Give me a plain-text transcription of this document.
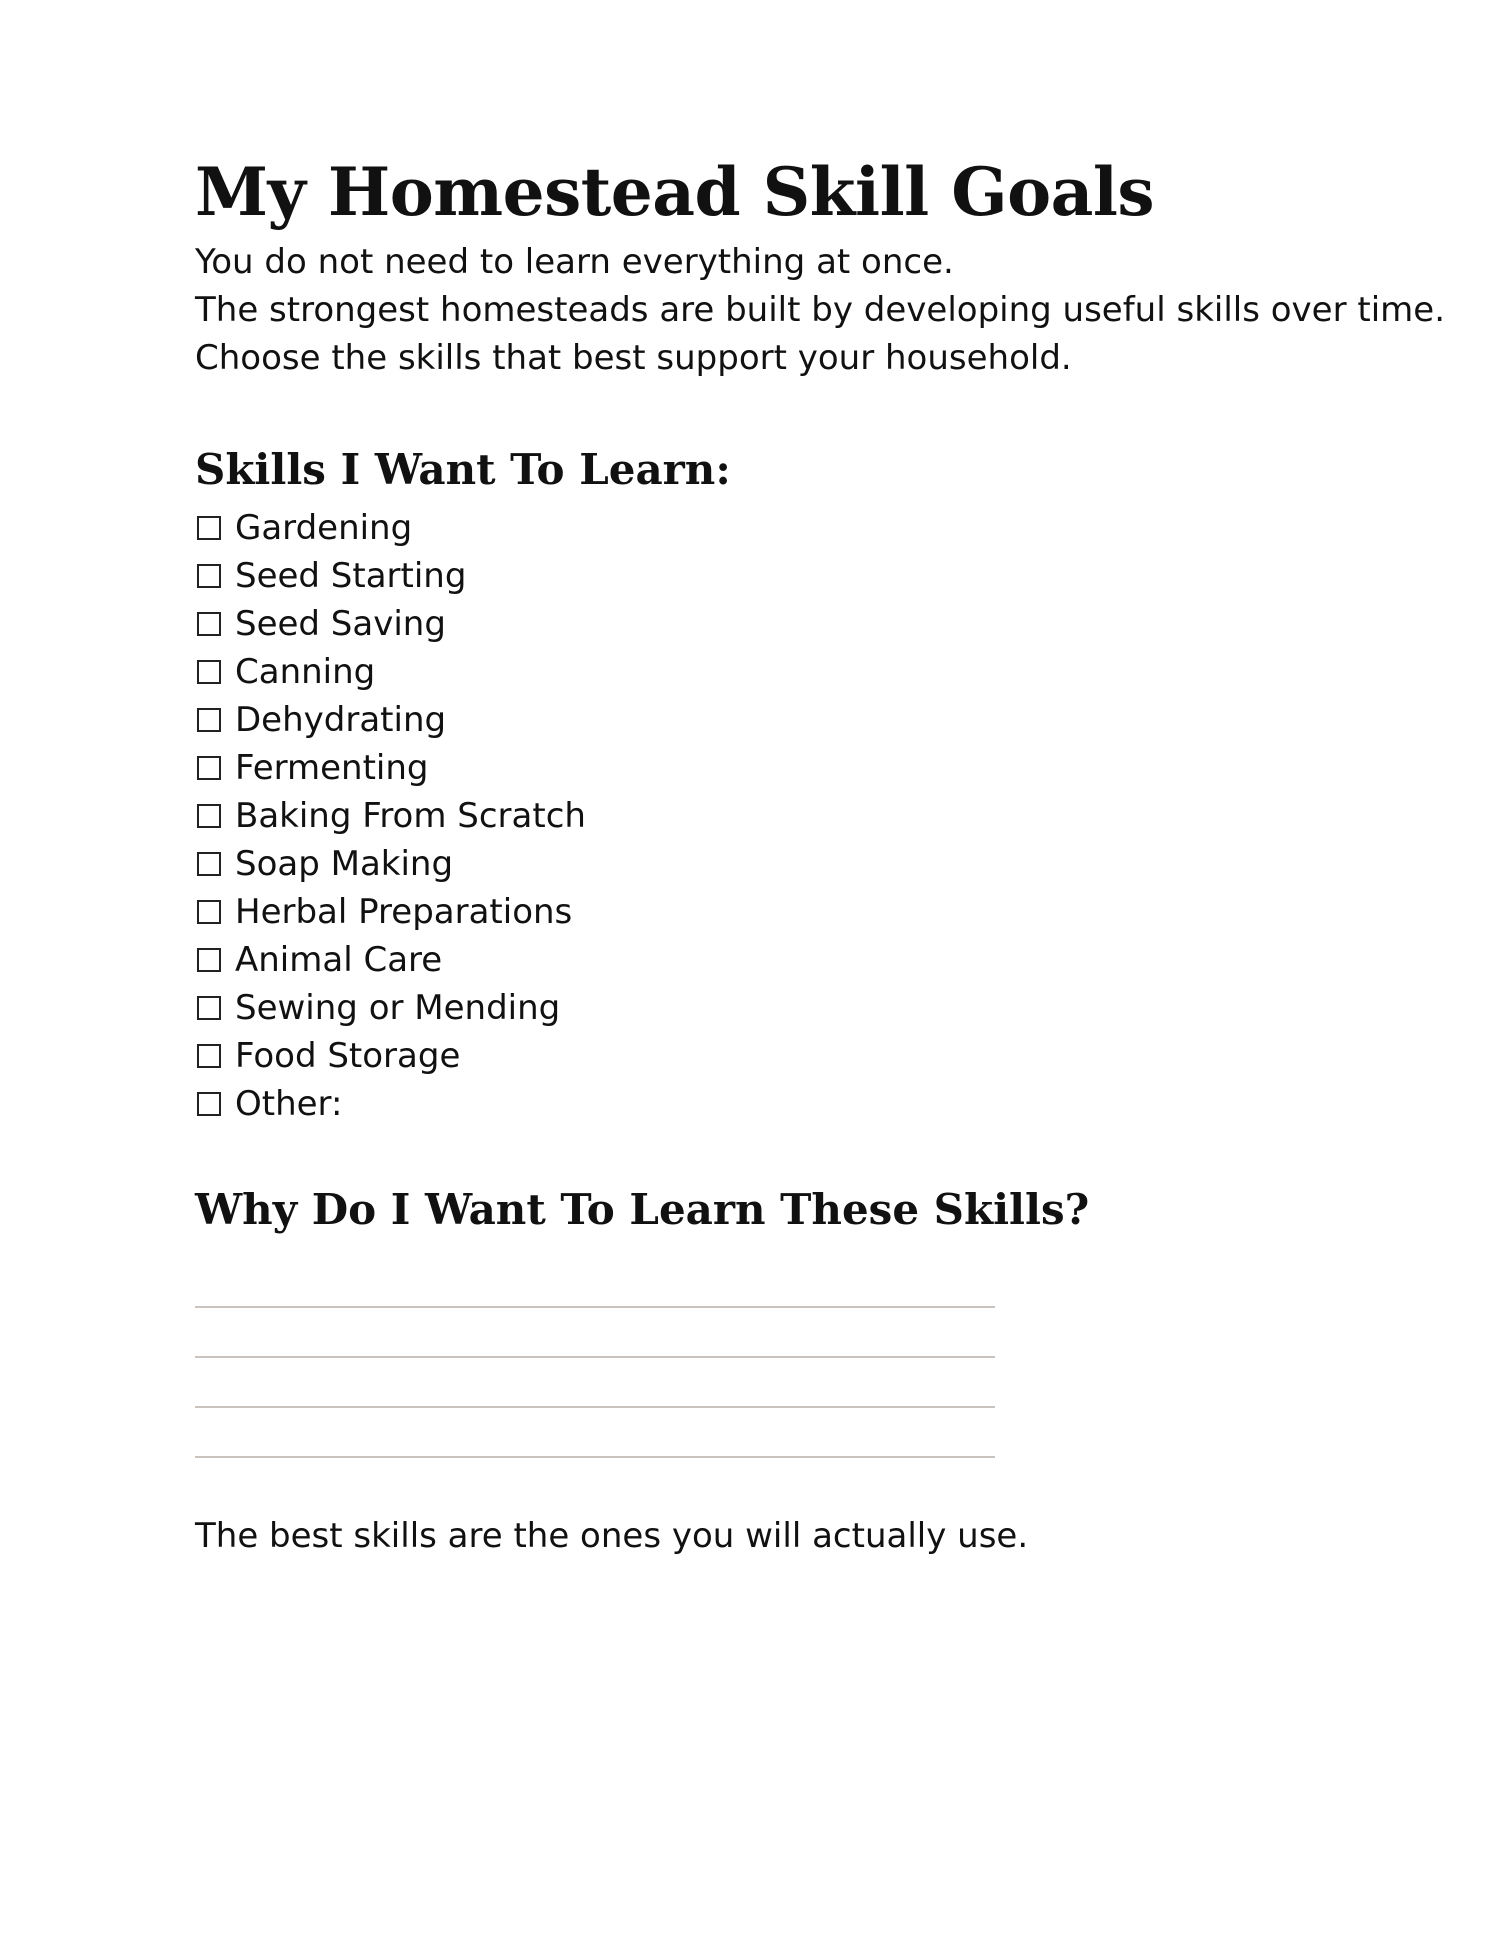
My Homestead Skill Goals
You do not need to learn everything at once.
The strongest homesteads are built by developing useful skills over time.
Choose the skills that best support your household.
Skills I Want To Learn:
Gardening
Seed Starting
Seed Saving
Canning
Dehydrating
Fermenting
Baking From Scratch
Soap Making
Herbal Preparations
Animal Care
Sewing or Mending
Food Storage
Other:
Why Do I Want To Learn These Skills?
The best skills are the ones you will actually use.
